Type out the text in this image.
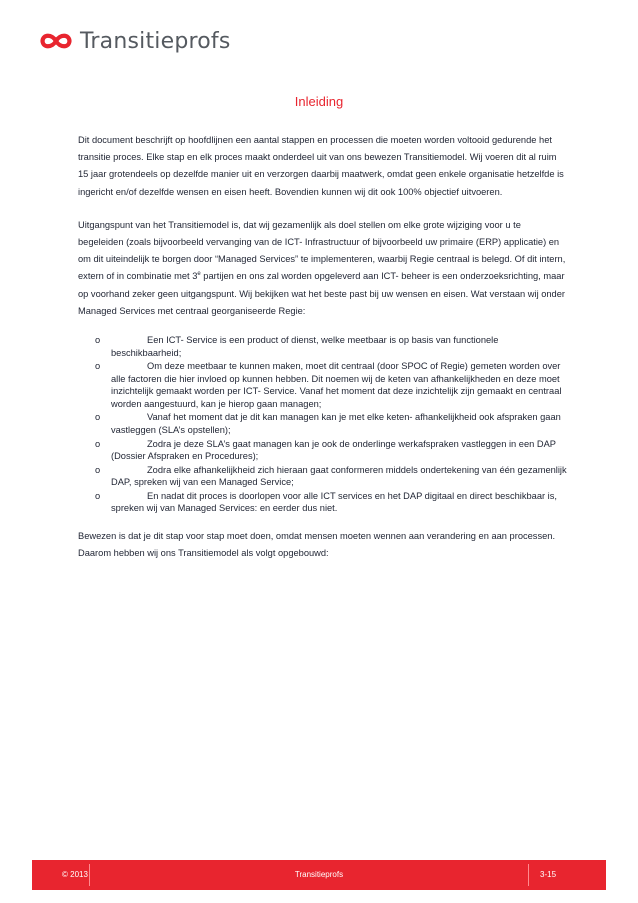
Transitieprofs
Inleiding

Dit document beschrijft op hoofdlijnen een aantal stappen en processen die moeten worden voltooid gedurende het transitie proces. Elke stap en elk proces maakt onderdeel uit van ons bewezen Transitiemodel. Wij voeren dit al ruim 15 jaar grotendeels op dezelfde manier uit en verzorgen daarbij maatwerk, omdat geen enkele organisatie hetzelfde is ingericht en/of dezelfde wensen en eisen heeft. Bovendien kunnen wij dit ook 100% objectief uitvoeren.

Uitgangspunt van het Transitiemodel is, dat wij gezamenlijk als doel stellen om elke grote wijziging voor u te begeleiden (zoals bijvoorbeeld vervanging van de ICT- Infrastructuur of bijvoorbeeld uw primaire (ERP) applicatie) en om dit uiteindelijk te borgen door “Managed Services” te implementeren, waarbij Regie centraal is belegd. Of dit intern, extern of in combinatie met 3e partijen en ons zal worden opgeleverd aan ICT- beheer is een onderzoeksrichting, maar op voorhand zeker geen uitgangspunt. Wij bekijken wat het beste past bij uw wensen en eisen. Wat verstaan wij onder Managed Services met centraal georganiseerde Regie:

o	Een ICT- Service is een product of dienst, welke meetbaar is op basis van functionele beschikbaarheid;
o	Om deze meetbaar te kunnen maken, moet dit centraal (door SPOC of Regie) gemeten worden over alle factoren die hier invloed op kunnen hebben. Dit noemen wij de keten van afhankelijkheden en deze moet inzichtelijk gemaakt worden per ICT- Service. Vanaf het moment dat deze inzichtelijk zijn gemaakt en centraal worden aangestuurd, kan je hierop gaan managen;
o	Vanaf het moment dat je dit kan managen kan je met elke keten- afhankelijkheid ook afspraken gaan vastleggen (SLA’s opstellen);
o	Zodra je deze SLA’s gaat managen kan je ook de onderlinge werkafspraken vastleggen in een DAP (Dossier Afspraken en Procedures);
o	Zodra elke afhankelijkheid zich hieraan gaat conformeren middels ondertekening van één gezamenlijk DAP, spreken wij van een Managed Service;
o	En nadat dit proces is doorlopen voor alle ICT services en het DAP digitaal en direct beschikbaar is, spreken wij van Managed Services: en eerder dus niet.

Bewezen is dat je dit stap voor stap moet doen, omdat mensen moeten wennen aan verandering en aan processen. Daarom hebben wij ons Transitiemodel als volgt opgebouwd:

© 2013	Transitieprofs	3-15
